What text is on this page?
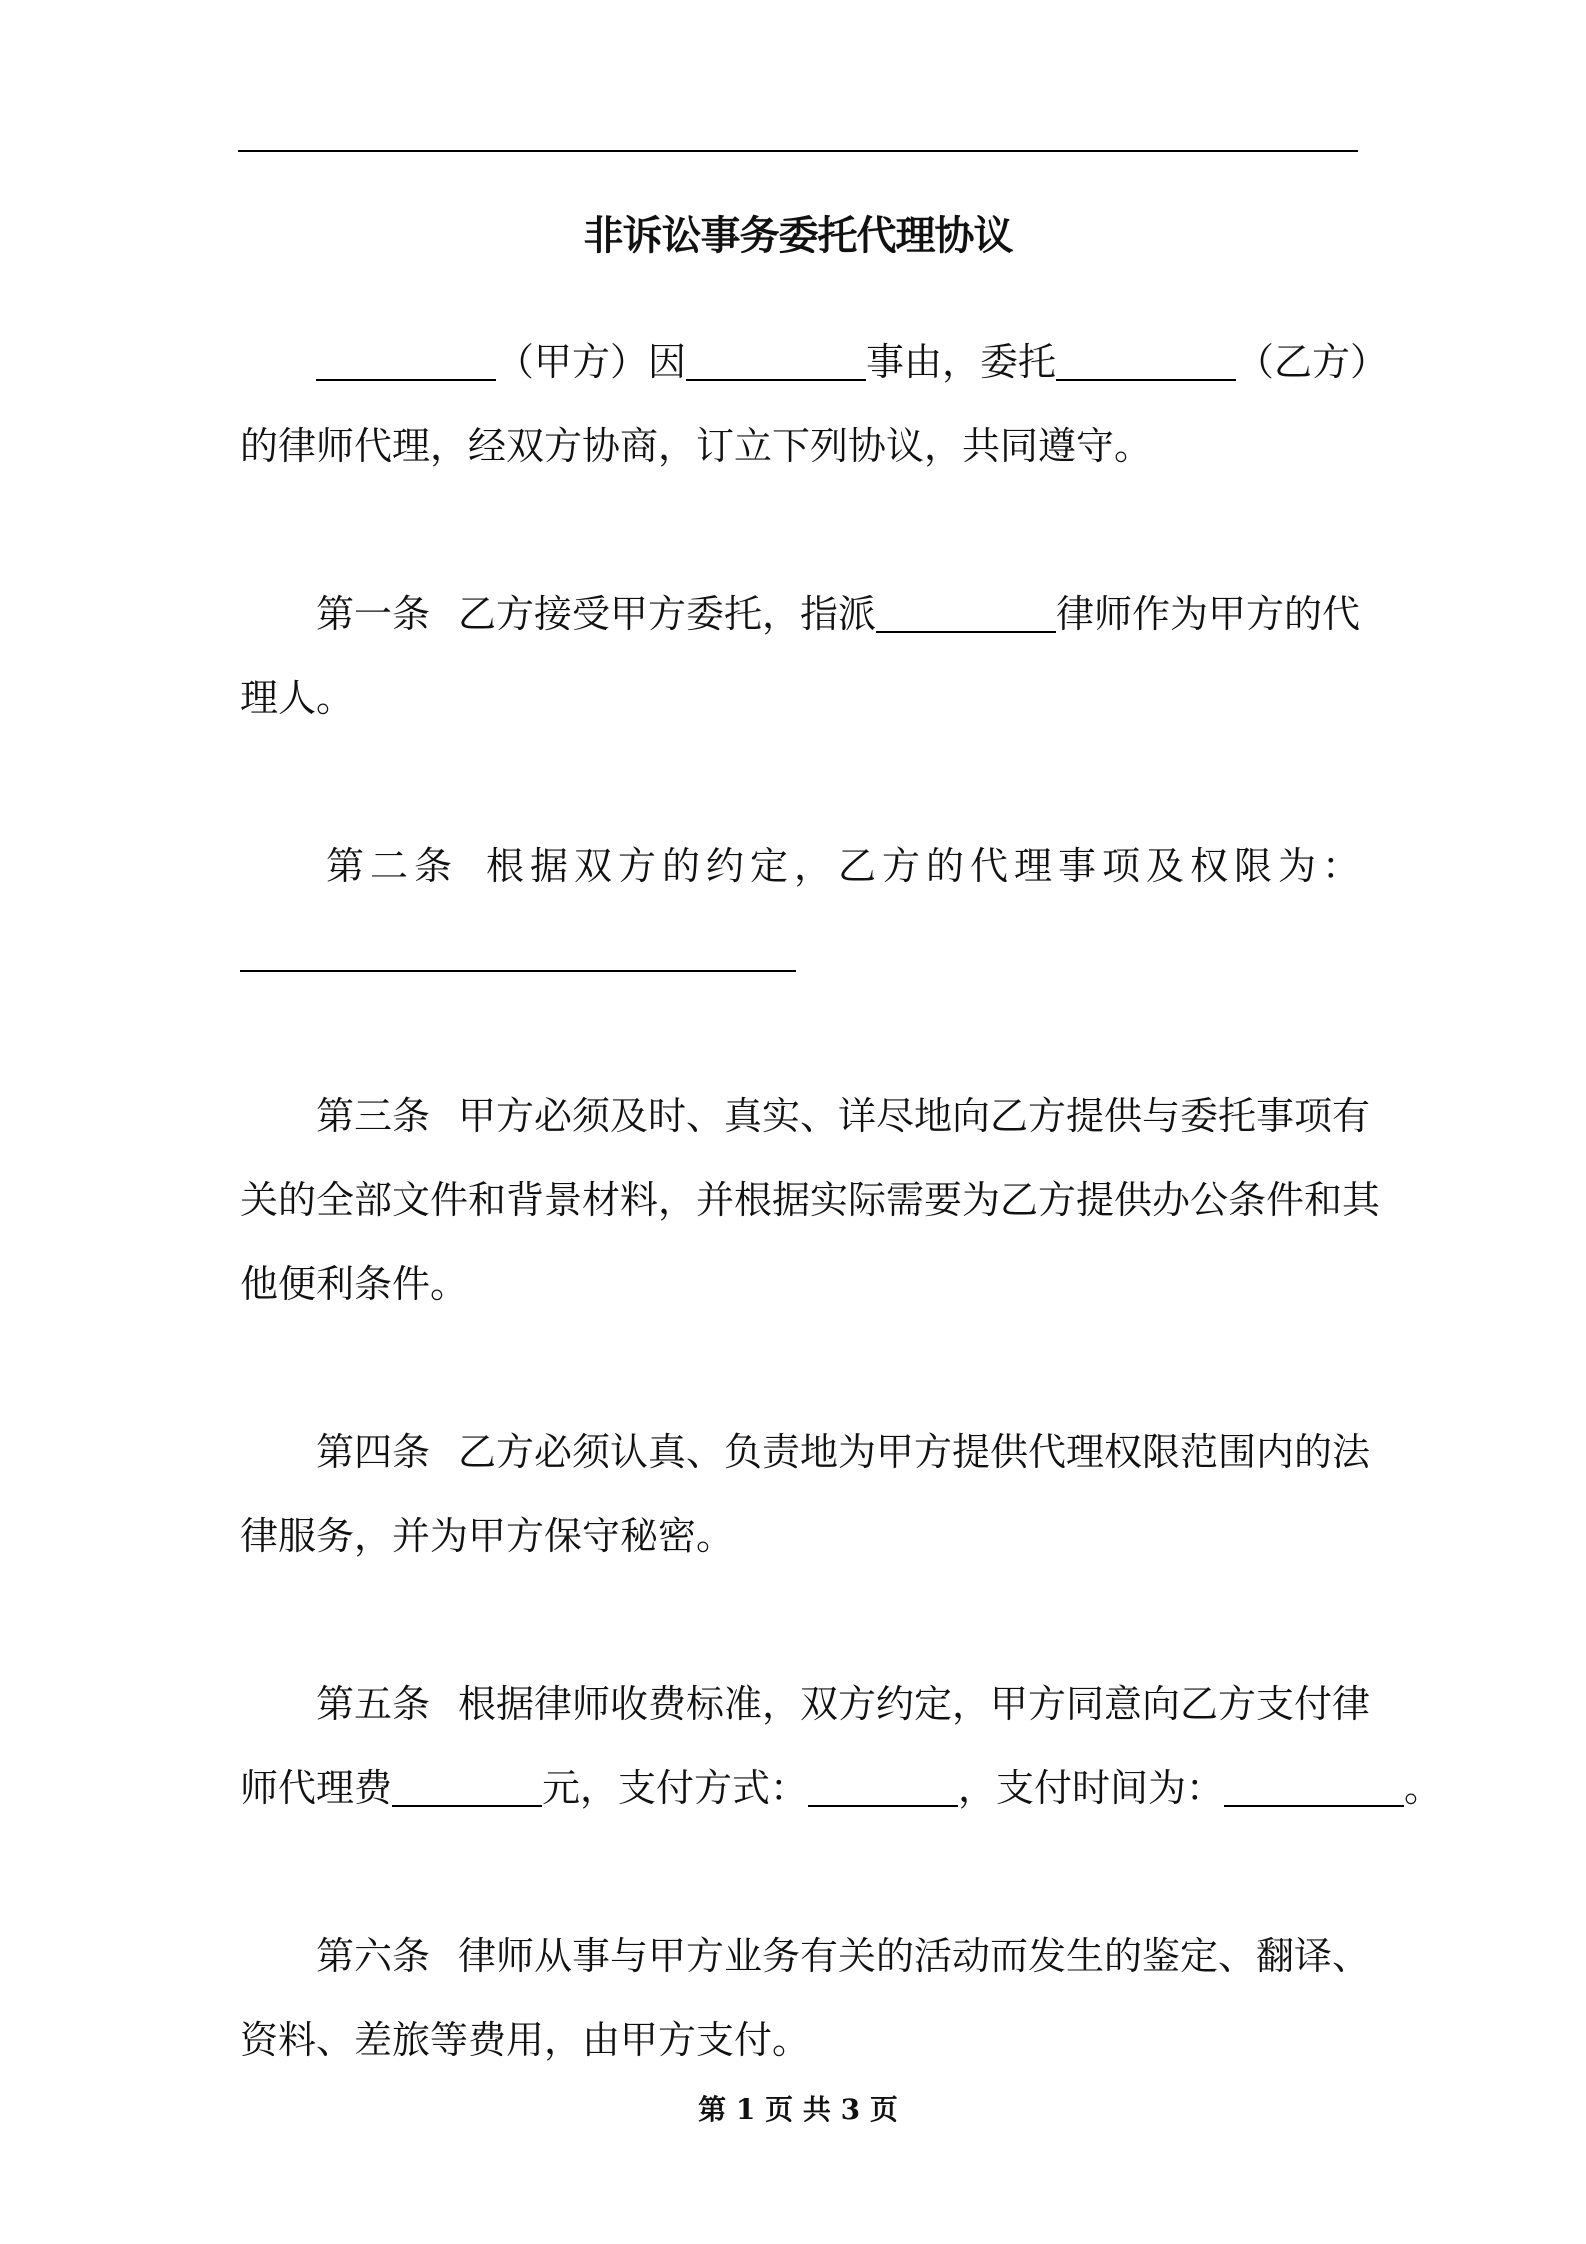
非诉讼事务委托代理协议
（甲方）因	事由，委托	（乙方）
的律师代理，经双方协商，订立下列协议，共同遵守。
第一条 乙方接受甲方委托，指派	律师作为甲方的代
理人。
第二条 根据双方的约定，乙方的代理事项及权限为：
第三条 甲方必须及时、真实、详尽地向乙方提供与委托事项有
关的全部文件和背景材料，并根据实际需要为乙方提供办公条件和其
他便利条件。
第四条 乙方必须认真、负责地为甲方提供代理权限范围内的法
律服务，并为甲方保守秘密。
第五条 根据律师收费标准，双方约定，甲方同意向乙方支付律
师代理费	元，支付方式：	，支付时间为：	。
第六条 律师从事与甲方业务有关的活动而发生的鉴定、翻译、
资料、差旅等费用，由甲方支付。
第 1 页 共 3 页
